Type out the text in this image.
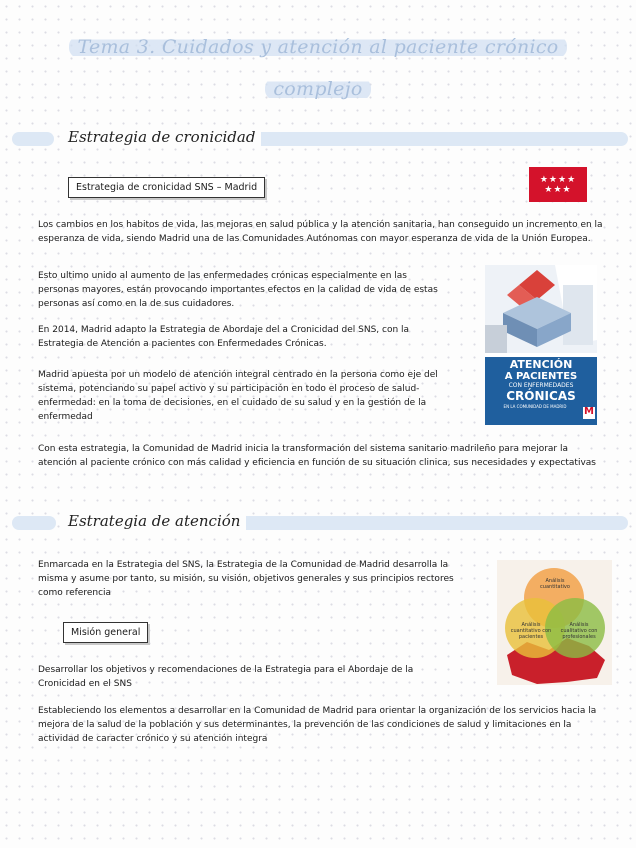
Tema 3. Cuidados y atención al paciente crónico
complejo
Estrategia de cronicidad
Estrategia de cronicidad SNS – Madrid
★★★★
★★★
Los cambios en los habitos de vida, las mejoras en salud pública y la atención sanitaria, han conseguido un incremento en la esperanza de vida, siendo Madrid una de las Comunidades Autónomas con mayor esperanza de vida de la Unión Europea.
Esto ultimo unido al aumento de las enfermedades crónicas especialmente en las personas mayores, están provocando importantes efectos en la calidad de vida de estas personas así como en la de sus cuidadores.
En 2014, Madrid adapto la Estrategia de Abordaje del a Cronicidad del SNS, con la Estrategia de Atención a pacientes con Enfermedades Crónicas.
Madrid apuesta por un modelo de atención integral centrado en la persona como eje del sistema, potenciando su papel activo y su participación en todo el proceso de salud-enfermedad: en la toma de decisiones, en el cuidado de su salud y en la gestión de la enfermedad
Con esta estrategia, la Comunidad de Madrid inicia la transformación del sistema sanitario madrileño para mejorar la atención al paciente crónico con más calidad y eficiencia en función de su situación clinica, sus necesidades y expectativas
ATENCIÓN
A PACIENTES
CON ENFERMEDADES
CRÓNICAS
EN LA COMUNIDAD DE MADRID	M
Estrategia de atención
Enmarcada en la Estrategia del SNS, la Estrategia de la Comunidad de Madrid desarrolla la misma y asume por tanto, su misión, su visión, objetivos generales y sus principios rectores como referencia
Misión general
Desarrollar los objetivos y recomendaciones de la Estrategia para el Abordaje de la Cronicidad en el SNS
Estableciendo los elementos a desarrollar en la Comunidad de Madrid para orientar la organización de los servicios hacia la mejora de la salud de la población y sus determinantes, la prevención de las condiciones de salud y limitaciones en la actividad de caracter crónico y su atención integra
Análisis cuantitativo
Análisis cuantitativo con pacientes
Análisis cualitativo con profesionales
